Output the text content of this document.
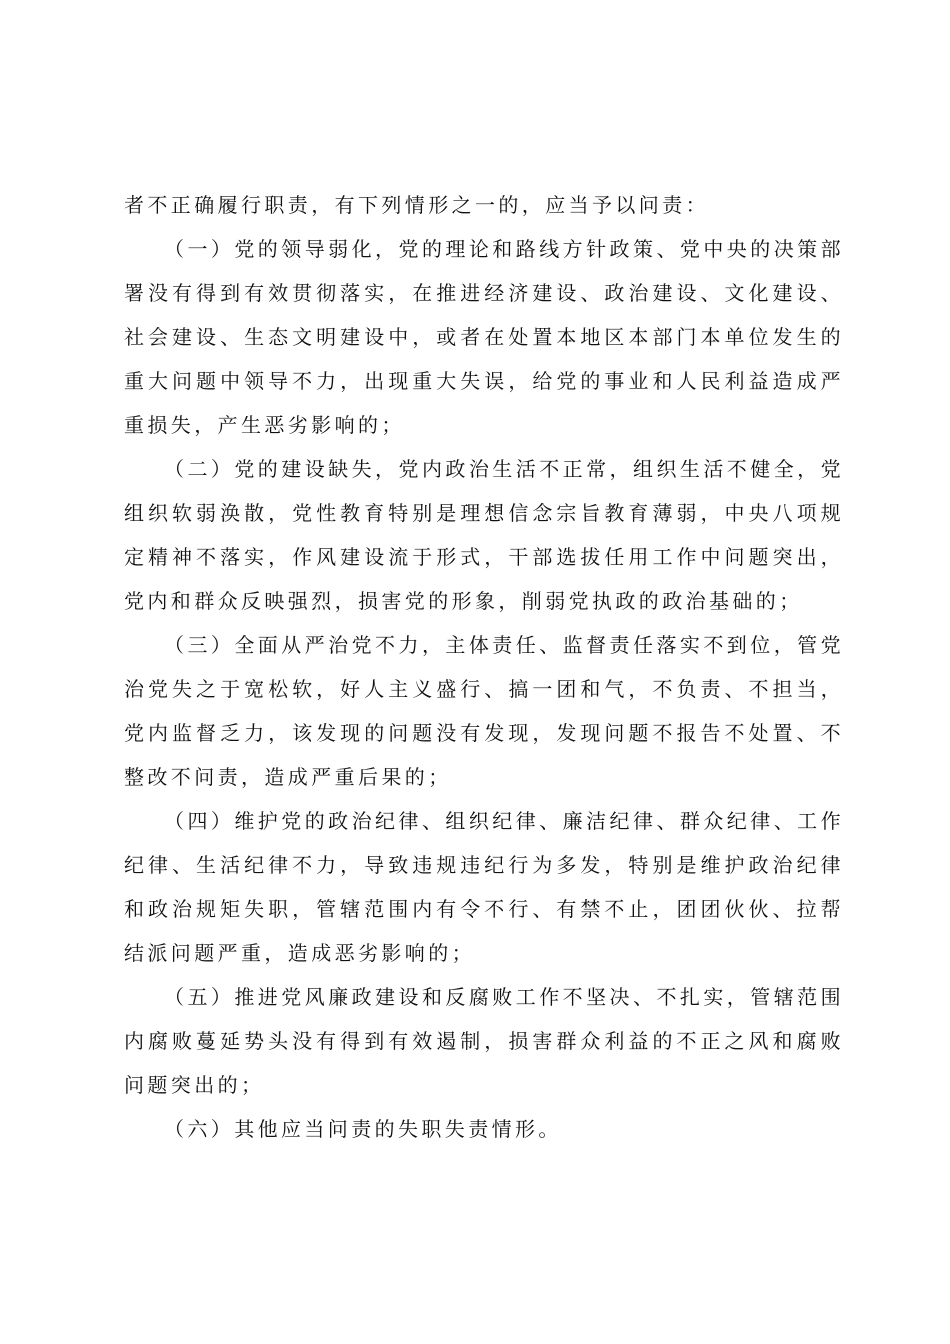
者不正确履行职责，有下列情形之一的，应当予以问责：

（一）党的领导弱化，党的理论和路线方针政策、党中央的决策部署没有得到有效贯彻落实，在推进经济建设、政治建设、文化建设、社会建设、生态文明建设中，或者在处置本地区本部门本单位发生的重大问题中领导不力，出现重大失误，给党的事业和人民利益造成严重损失，产生恶劣影响的；

（二）党的建设缺失，党内政治生活不正常，组织生活不健全，党组织软弱涣散，党性教育特别是理想信念宗旨教育薄弱，中央八项规定精神不落实，作风建设流于形式，干部选拔任用工作中问题突出，党内和群众反映强烈，损害党的形象，削弱党执政的政治基础的；

（三）全面从严治党不力，主体责任、监督责任落实不到位，管党治党失之于宽松软，好人主义盛行、搞一团和气，不负责、不担当，党内监督乏力，该发现的问题没有发现，发现问题不报告不处置、不整改不问责，造成严重后果的；

（四）维护党的政治纪律、组织纪律、廉洁纪律、群众纪律、工作纪律、生活纪律不力，导致违规违纪行为多发，特别是维护政治纪律和政治规矩失职，管辖范围内有令不行、有禁不止，团团伙伙、拉帮结派问题严重，造成恶劣影响的；

（五）推进党风廉政建设和反腐败工作不坚决、不扎实，管辖范围内腐败蔓延势头没有得到有效遏制，损害群众利益的不正之风和腐败问题突出的；

（六）其他应当问责的失职失责情形。
